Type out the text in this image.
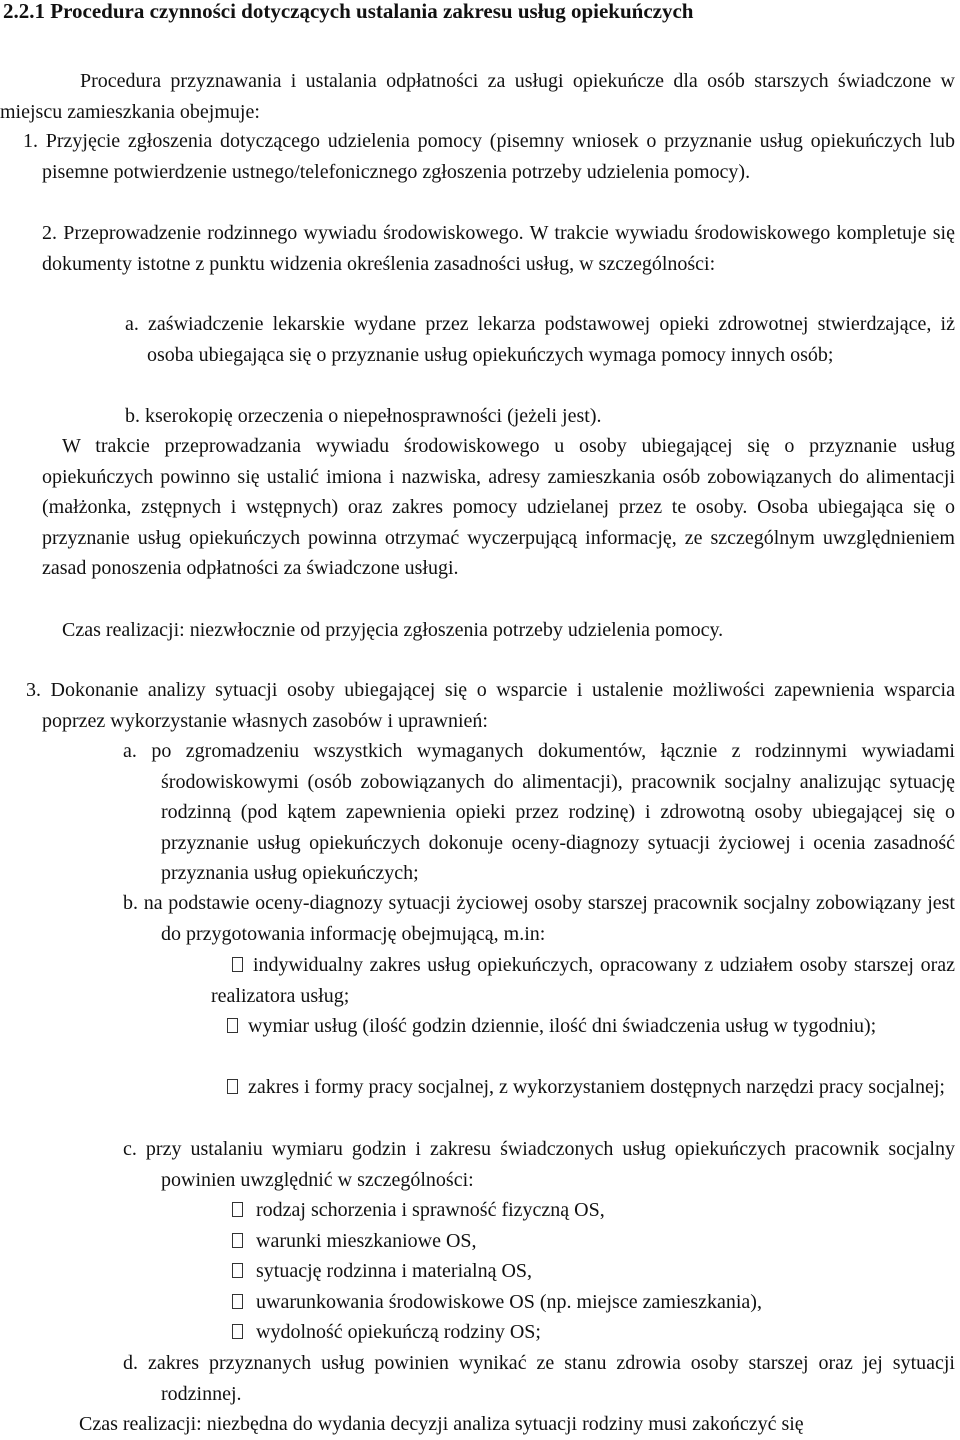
2.2.1 Procedura czynności dotyczących ustalania zakresu usług opiekuńczych
Procedura przyznawania i ustalania odpłatności za usługi opiekuńcze dla osób starszych świadczone w miejscu zamieszkania obejmuje:
1. Przyjęcie zgłoszenia dotyczącego udzielenia pomocy (pisemny wniosek o przyznanie usług opiekuńczych lub pisemne potwierdzenie ustnego/telefonicznego zgłoszenia potrzeby udzielenia pomocy).
2. Przeprowadzenie rodzinnego wywiadu środowiskowego. W trakcie wywiadu środowiskowego kompletuje się dokumenty istotne z punktu widzenia określenia zasadności usług, w szczególności:
a. zaświadczenie lekarskie wydane przez lekarza podstawowej opieki zdrowotnej stwierdzające, iż osoba ubiegająca się o przyznanie usług opiekuńczych wymaga pomocy innych osób;
b. kserokopię orzeczenia o niepełnosprawności (jeżeli jest).
W trakcie przeprowadzania wywiadu środowiskowego u osoby ubiegającej się o przyznanie usług opiekuńczych powinno się ustalić imiona i nazwiska, adresy zamieszkania osób zobowiązanych do alimentacji (małżonka, zstępnych i wstępnych) oraz zakres pomocy udzielanej przez te osoby. Osoba ubiegająca się o przyznanie usług opiekuńczych powinna otrzymać wyczerpującą informację, ze szczególnym uwzględnieniem zasad ponoszenia odpłatności za świadczone usługi.
Czas realizacji: niezwłocznie od przyjęcia zgłoszenia potrzeby udzielenia pomocy.
3. Dokonanie analizy sytuacji osoby ubiegającej się o wsparcie i ustalenie możliwości zapewnienia wsparcia poprzez wykorzystanie własnych zasobów i uprawnień:
a. po zgromadzeniu wszystkich wymaganych dokumentów, łącznie z rodzinnymi wywiadami środowiskowymi (osób zobowiązanych do alimentacji), pracownik socjalny analizując sytuację rodzinną (pod kątem zapewnienia opieki przez rodzinę) i zdrowotną osoby ubiegającej się o przyznanie usług opiekuńczych dokonuje oceny-diagnozy sytuacji życiowej i ocenia zasadność przyznania usług opiekuńczych;
b. na podstawie oceny-diagnozy sytuacji życiowej osoby starszej pracownik socjalny zobowiązany jest do przygotowania informację obejmującą, m.in:
indywidualny zakres usług opiekuńczych, opracowany z udziałem osoby starszej oraz realizatora usług;
wymiar usług (ilość godzin dziennie, ilość dni świadczenia usług w tygodniu);
zakres i formy pracy socjalnej, z wykorzystaniem dostępnych narzędzi pracy socjalnej;
c. przy ustalaniu wymiaru godzin i zakresu świadczonych usług opiekuńczych pracownik socjalny powinien uwzględnić w szczególności:
rodzaj schorzenia i sprawność fizyczną OS,
warunki mieszkaniowe OS,
sytuację rodzinna i materialną OS,
uwarunkowania środowiskowe OS (np. miejsce zamieszkania),
wydolność opiekuńczą rodziny OS;
d. zakres przyznanych usług powinien wynikać ze stanu zdrowia osoby starszej oraz jej sytuacji rodzinnej.
Czas realizacji: niezbędna do wydania decyzji analiza sytuacji rodziny musi zakończyć się
